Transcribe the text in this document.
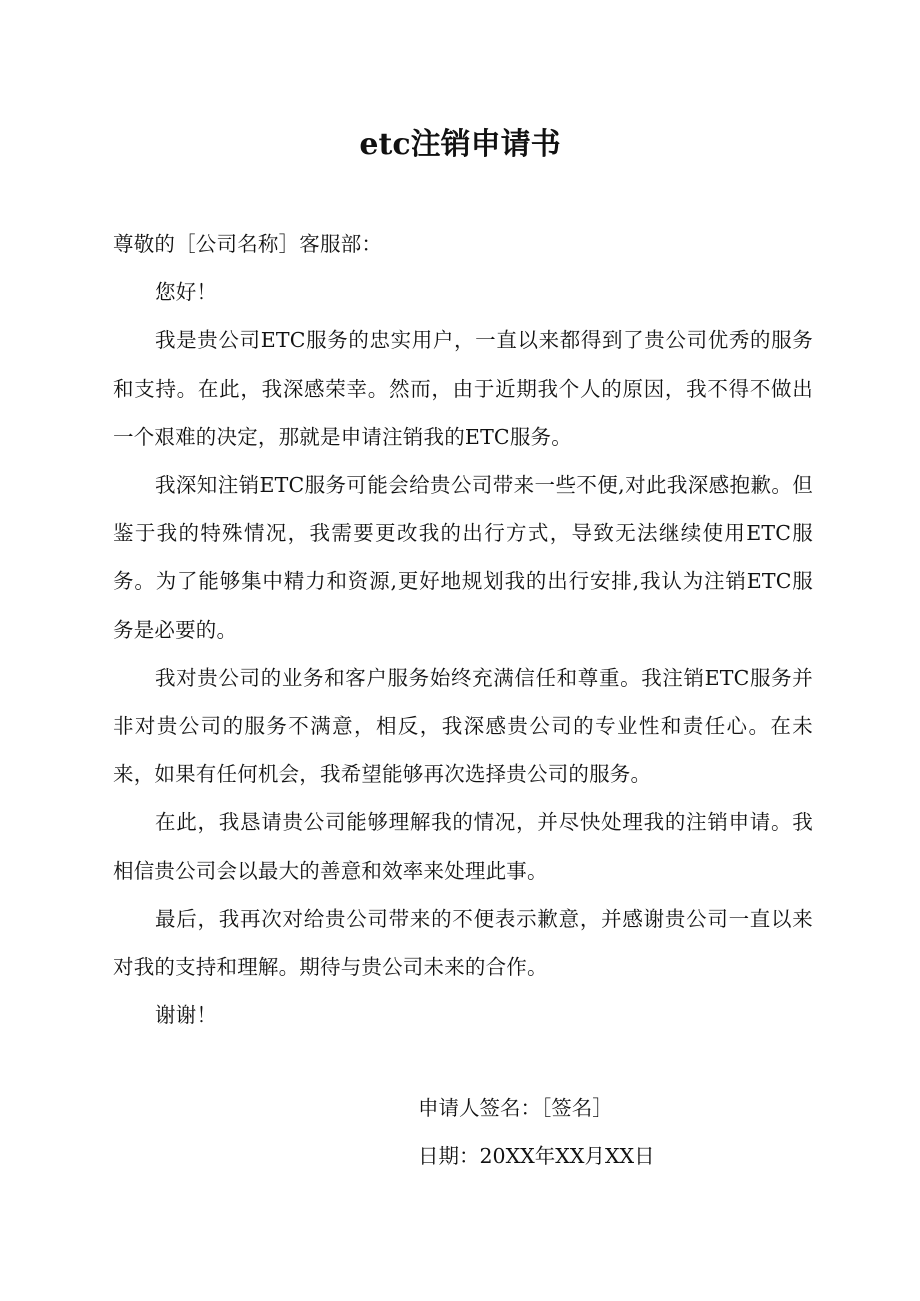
etc注销申请书

尊敬的［公司名称］客服部：

您好！

我是贵公司ETC服务的忠实用户，一直以来都得到了贵公司优秀的服务和支持。在此，我深感荣幸。然而，由于近期我个人的原因，我不得不做出一个艰难的决定，那就是申请注销我的ETC服务。

我深知注销ETC服务可能会给贵公司带来一些不便,对此我深感抱歉。但鉴于我的特殊情况，我需要更改我的出行方式，导致无法继续使用ETC服务。为了能够集中精力和资源,更好地规划我的出行安排,我认为注销ETC服务是必要的。

我对贵公司的业务和客户服务始终充满信任和尊重。我注销ETC服务并非对贵公司的服务不满意，相反，我深感贵公司的专业性和责任心。在未来，如果有任何机会，我希望能够再次选择贵公司的服务。

在此，我恳请贵公司能够理解我的情况，并尽快处理我的注销申请。我相信贵公司会以最大的善意和效率来处理此事。

最后，我再次对给贵公司带来的不便表示歉意，并感谢贵公司一直以来对我的支持和理解。期待与贵公司未来的合作。

谢谢！

申请人签名：［签名］
日期：20XX年XX月XX日
